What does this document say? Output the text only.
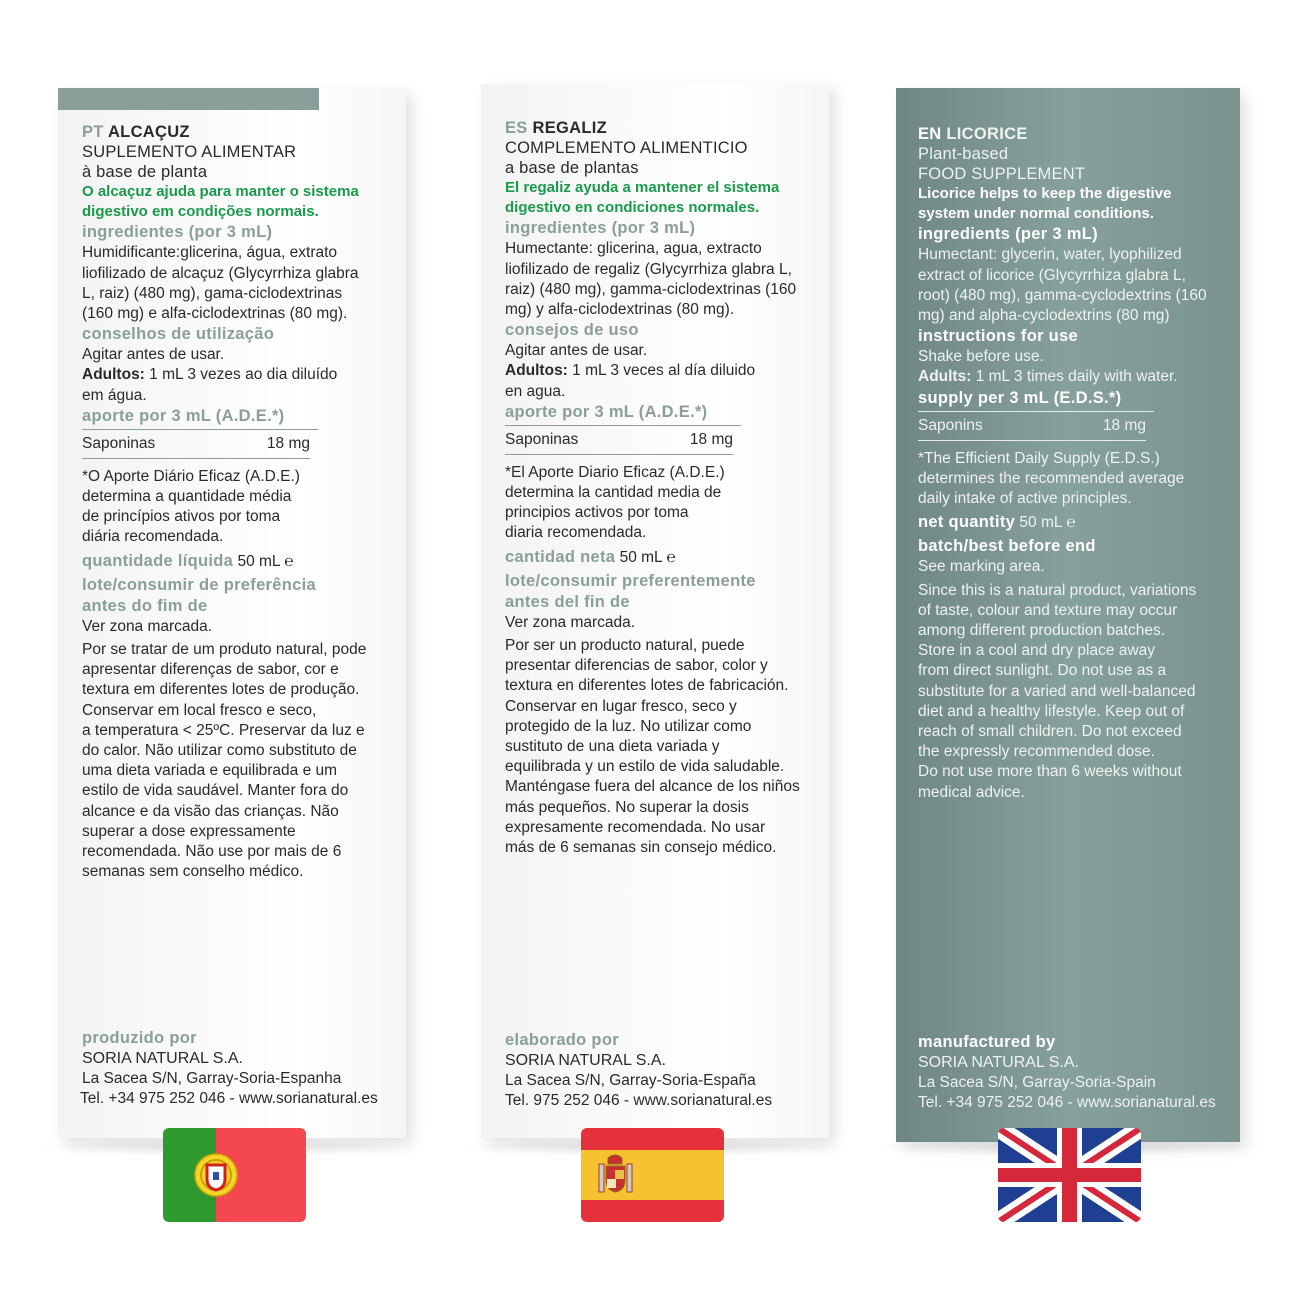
PT ALCAÇUZ
SUPLEMENTO ALIMENTAR
à base de planta
O alcaçuz ajuda para manter o sistema
digestivo em condições normais.
ingredientes (por 3 mL)
Humidificante:glicerina, água, extrato
liofilizado de alcaçuz (Glycyrrhiza glabra
L, raiz) (480 mg), gama-ciclodextrinas
(160 mg) e alfa-ciclodextrinas (80 mg).
conselhos de utilização
Agitar antes de usar.
Adultos: 1 mL 3 vezes ao dia diluído
em água.
aporte por 3 mL (A.D.E.*)
Saponinas	18 mg
*O Aporte Diário Eficaz (A.D.E.)
determina a quantidade média
de princípios ativos por toma
diária recomendada.
quantidade líquida 50 mL ℮
lote/consumir de preferência
antes do fim de
Ver zona marcada.
Por se tratar de um produto natural, pode
apresentar diferenças de sabor, cor e
textura em diferentes lotes de produção.
Conservar em local fresco e seco,
a temperatura < 25ºC. Preservar da luz e
do calor. Não utilizar como substituto de
uma dieta variada e equilibrada e um
estilo de vida saudável. Manter fora do
alcance e da visão das crianças. Não
superar a dose expressamente
recomendada. Não use por mais de 6
semanas sem conselho médico.
produzido por
SORIA NATURAL S.A.
La Sacea S/N, Garray-Soria-Espanha
Tel. +34 975 252 046 - www.sorianatural.es
ES REGALIZ
COMPLEMENTO ALIMENTICIO
a base de plantas
El regaliz ayuda a mantener el sistema
digestivo en condiciones normales.
ingredientes (por 3 mL)
Humectante: glicerina, agua, extracto
liofilizado de regaliz (Glycyrrhiza glabra L,
raiz) (480 mg), gamma-ciclodextrinas (160
mg) y alfa-ciclodextrinas (80 mg).
consejos de uso
Agitar antes de usar.
Adultos: 1 mL 3 veces al día diluido
en agua.
aporte por 3 mL (A.D.E.*)
Saponinas	18 mg
*El Aporte Diario Eficaz (A.D.E.)
determina la cantidad media de
principios activos por toma
diaria recomendada.
cantidad neta 50 mL ℮
lote/consumir preferentemente
antes del fin de
Ver zona marcada.
Por ser un producto natural, puede
presentar diferencias de sabor, color y
textura en diferentes lotes de fabricación.
Conservar en lugar fresco, seco y
protegido de la luz. No utilizar como
sustituto de una dieta variada y
equilibrada y un estilo de vida saludable.
Manténgase fuera del alcance de los niños
más pequeños. No superar la dosis
expresamente recomendada. No usar
más de 6 semanas sin consejo médico.
elaborado por
SORIA NATURAL S.A.
La Sacea S/N, Garray-Soria-España
Tel. 975 252 046 - www.sorianatural.es
EN LICORICE
Plant-based
FOOD SUPPLEMENT
Licorice helps to keep the digestive
system under normal conditions.
ingredients (per 3 mL)
Humectant: glycerin, water, lyophilized
extract of licorice (Glycyrrhiza glabra L,
root) (480 mg), gamma-cyclodextrins (160
mg) and alpha-cyclodextrins (80 mg)
instructions for use
Shake before use.
Adults: 1 mL 3 times daily with water.
supply per 3 mL (E.D.S.*)
Saponins	18 mg
*The Efficient Daily Supply (E.D.S.)
determines the recommended average
daily intake of active principles.
net quantity 50 mL ℮
batch/best before end
See marking area.
Since this is a natural product, variations
of taste, colour and texture may occur
among different production batches.
Store in a cool and dry place away
from direct sunlight. Do not use as a
substitute for a varied and well-balanced
diet and a healthy lifestyle. Keep out of
reach of small children. Do not exceed
the expressly recommended dose.
Do not use more than 6 weeks without
medical advice.
manufactured by
SORIA NATURAL S.A.
La Sacea S/N, Garray-Soria-Spain
Tel. +34 975 252 046 - www.sorianatural.es
